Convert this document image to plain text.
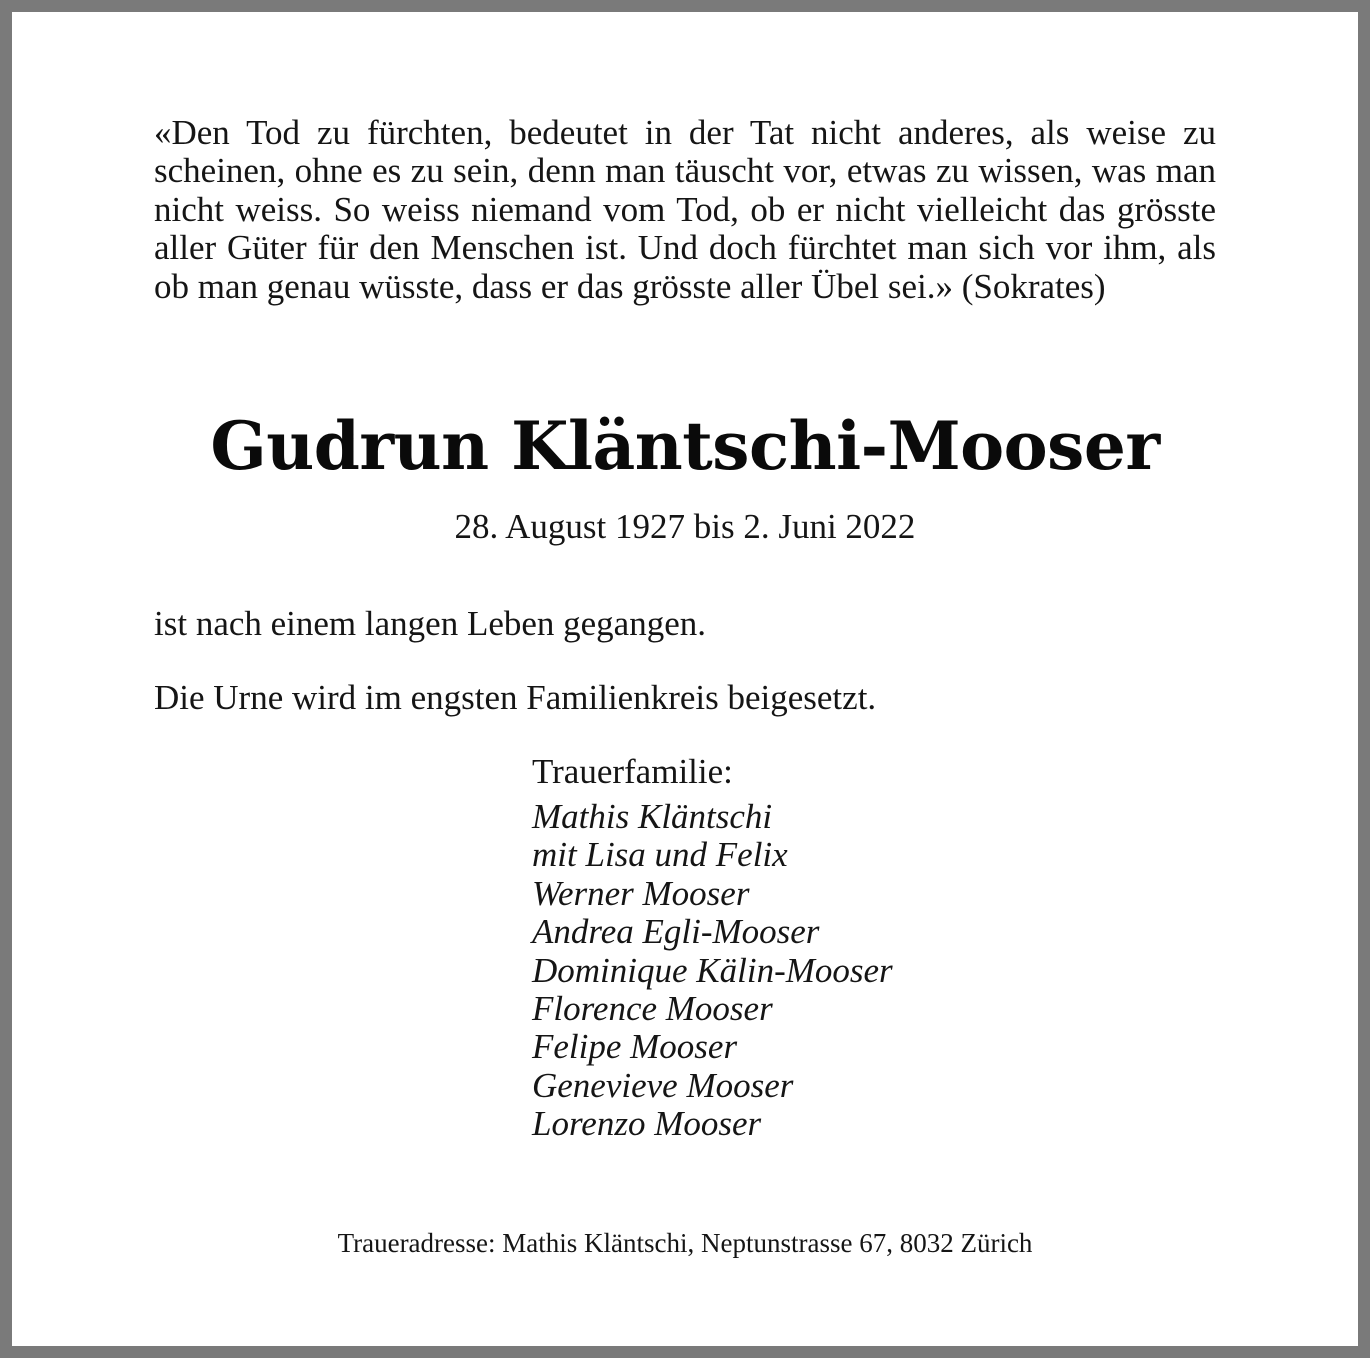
«Den Tod zu fürchten, bedeutet in der Tat nicht anderes, als weise zu scheinen, ohne es zu sein, denn man täuscht vor, etwas zu wissen, was man nicht weiss. So weiss niemand vom Tod, ob er nicht vielleicht das grösste aller Güter für den Menschen ist. Und doch fürchtet man sich vor ihm, als ob man genau wüsste, dass er das grösste aller Übel sei.» (Sokrates)

Gudrun Kläntschi-Mooser

28. August 1927 bis 2. Juni 2022

ist nach einem langen Leben gegangen.

Die Urne wird im engsten Familienkreis beigesetzt.

Trauerfamilie:

Mathis Kläntschi
mit Lisa und Felix
Werner Mooser
Andrea Egli-Mooser
Dominique Kälin-Mooser
Florence Mooser
Felipe Mooser
Genevieve Mooser
Lorenzo Mooser

Traueradresse: Mathis Kläntschi, Neptunstrasse 67, 8032 Zürich
